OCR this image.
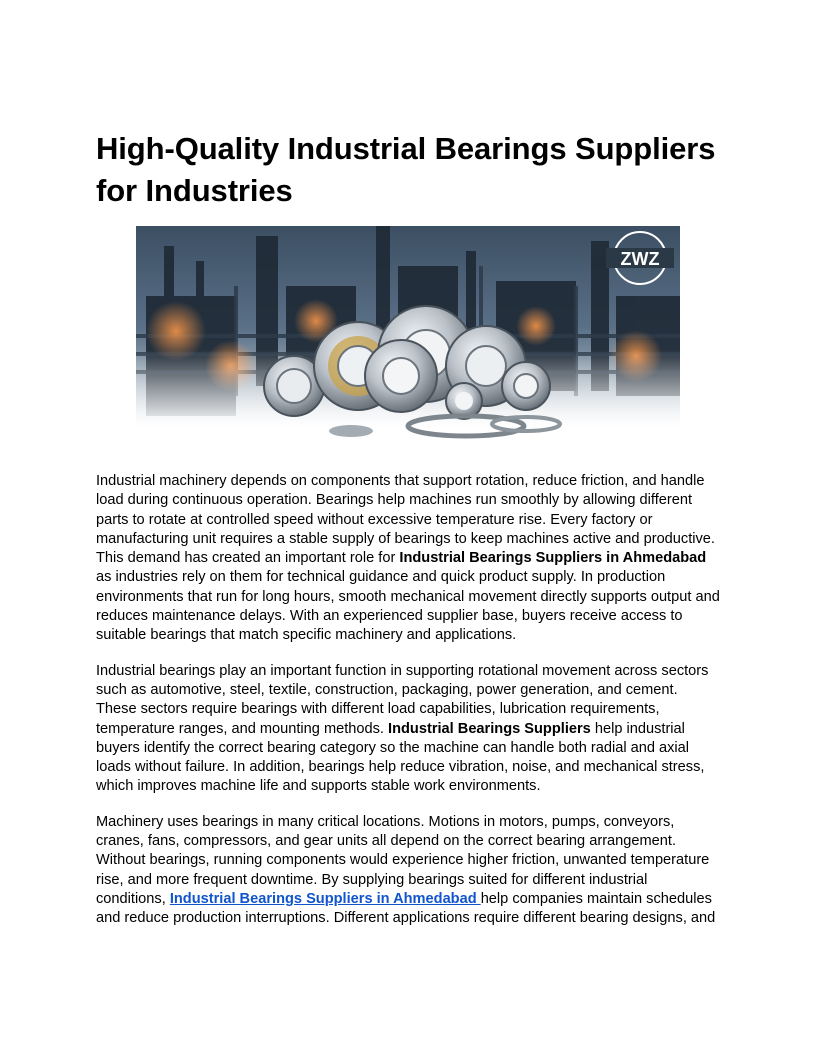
High-Quality Industrial Bearings Suppliers for Industries
ZWZ

Industrial machinery depends on components that support rotation, reduce friction, and handle load during continuous operation. Bearings help machines run smoothly by allowing different parts to rotate at controlled speed without excessive temperature rise. Every factory or manufacturing unit requires a stable supply of bearings to keep machines active and productive. This demand has created an important role for Industrial Bearings Suppliers in Ahmedabad as industries rely on them for technical guidance and quick product supply. In production environments that run for long hours, smooth mechanical movement directly supports output and reduces maintenance delays. With an experienced supplier base, buyers receive access to suitable bearings that match specific machinery and applications.

Industrial bearings play an important function in supporting rotational movement across sectors such as automotive, steel, textile, construction, packaging, power generation, and cement. These sectors require bearings with different load capabilities, lubrication requirements, temperature ranges, and mounting methods. Industrial Bearings Suppliers help industrial buyers identify the correct bearing category so the machine can handle both radial and axial loads without failure. In addition, bearings help reduce vibration, noise, and mechanical stress, which improves machine life and supports stable work environments.

Machinery uses bearings in many critical locations. Motions in motors, pumps, conveyors, cranes, fans, compressors, and gear units all depend on the correct bearing arrangement. Without bearings, running components would experience higher friction, unwanted temperature rise, and more frequent downtime. By supplying bearings suited for different industrial conditions, Industrial Bearings Suppliers in Ahmedabad help companies maintain schedules and reduce production interruptions. Different applications require different bearing designs, and
